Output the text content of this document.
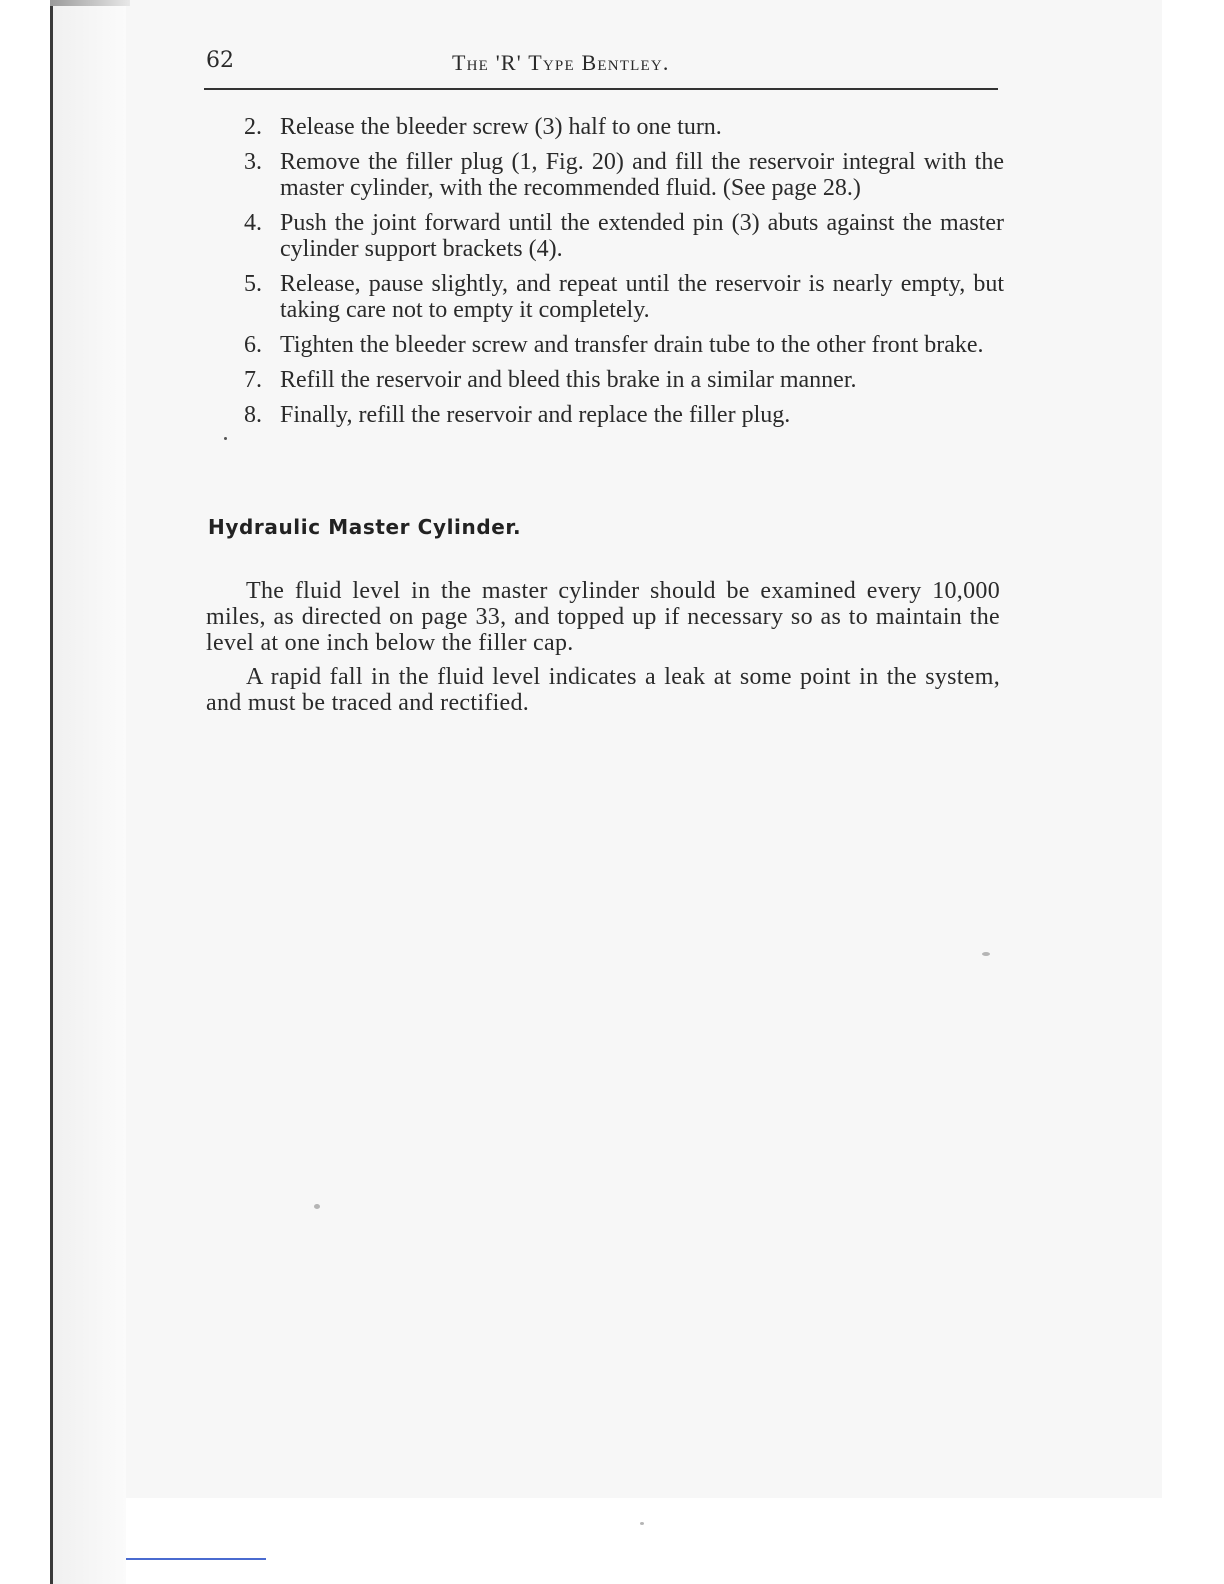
62	The 'R' Type Bentley.
2. Release the bleeder screw (3) half to one turn.
3. Remove the filler plug (1, Fig. 20) and fill the reservoir integral with the master cylinder, with the recommended fluid. (See page 28.)
4. Push the joint forward until the extended pin (3) abuts against the master cylinder support brackets (4).
5. Release, pause slightly, and repeat until the reservoir is nearly empty, but taking care not to empty it completely.
6. Tighten the bleeder screw and transfer drain tube to the other front brake.
7. Refill the reservoir and bleed this brake in a similar manner.
8. Finally, refill the reservoir and replace the filler plug.
Hydraulic Master Cylinder.

The fluid level in the master cylinder should be examined every 10,000 miles, as directed on page 33, and topped up if necessary so as to maintain the level at one inch below the filler cap.

A rapid fall in the fluid level indicates a leak at some point in the system, and must be traced and rectified.
